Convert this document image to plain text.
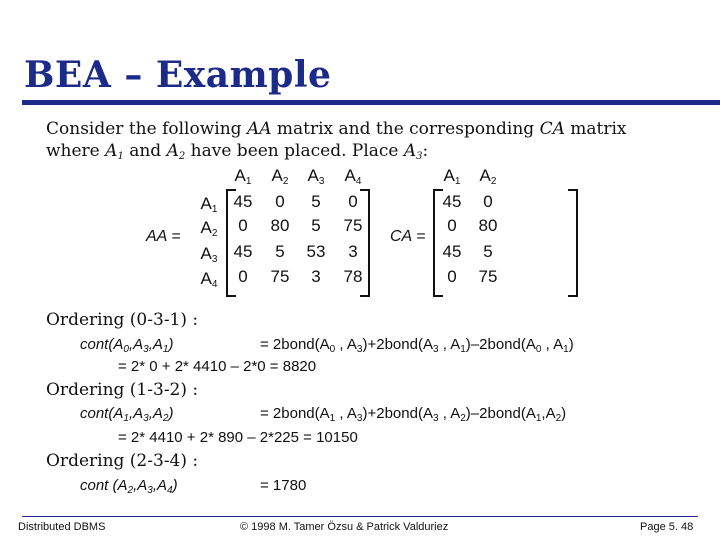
BEA – Example
Consider the following AA matrix and the corresponding CA matrix
where $A_1$ and $A_2$ have been placed. Place $A_3$:
AA =
$A_1$	$A_2$	$A_3$	$A_4$
$A_1$
$A_2$
$A_3$
$A_4$
45	0	5	0
0	80	5	75
45	5	53	3
0	75	3	78
CA =
$A_1$	$A_2$
45	0
0	80
45	5
0	75
Ordering (0-3-1) :
$cont(A_0,A_3,A_1)$	= $2bond(A_0$ , $A_3)+2bond(A_3$ , $A_1)-2bond(A_0$ , $A_1$)
= 2* 0 + 2* 4410 – 2*0 = 8820
Ordering (1-3-2) :
$cont(A_1,A_3,A_2)$	= $2bond(A_1$ , $A_3)+2bond(A_3$ , $A_2)-2bond(A_1,A_2)$
= 2* 4410 + 2* 890 – 2*225 = 10150
Ordering (2-3-4) :
cont $(A_2,A_3,A_4)$	= 1780
Distributed DBMS	© 1998 M. Tamer Özsu & Patrick Valduriez	Page 5. 48
